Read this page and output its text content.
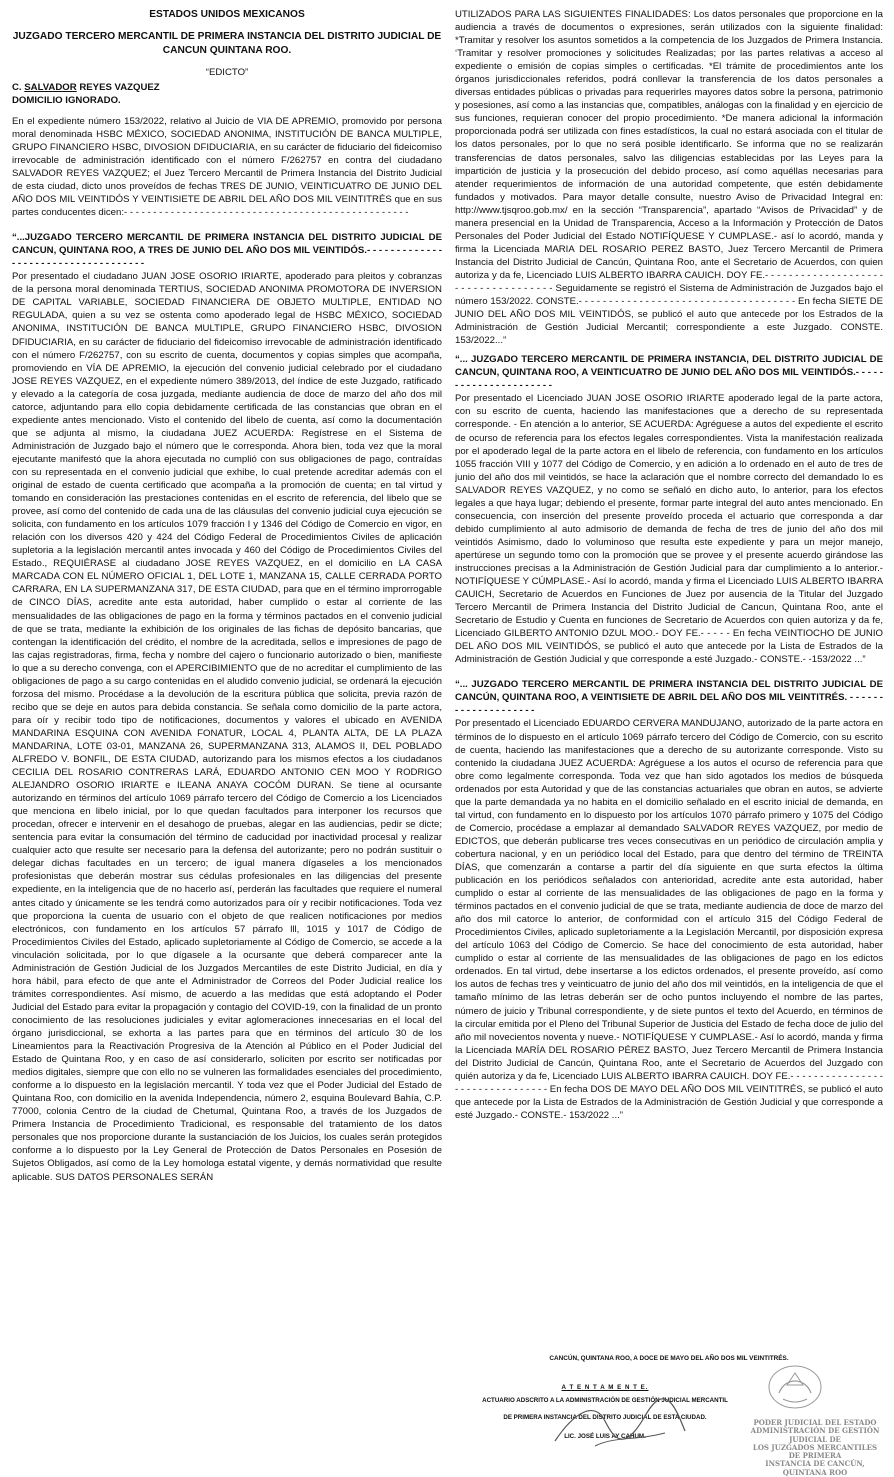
ESTADOS UNIDOS MEXICANOS
JUZGADO TERCERO MERCANTIL DE PRIMERA INSTANCIA DEL DISTRITO JUDICIAL DE CANCUN QUINTANA ROO.
“EDICTO”
C. SALVADOR REYES VAZQUEZ
DOMICILIO IGNORADO.

En el expediente número 153/2022, relativo al Juicio de VIA DE APREMIO, promovido por persona moral denominada HSBC MÉXICO, SOCIEDAD ANONIMA, INSTITUCIÓN DE BANCA MULTIPLE, GRUPO FINANCIERO HSBC, DIVOSION DFIDUCIARIA, en su carácter de fiduciario del fideicomiso irrevocable de administración identificado con el número F/262757 en contra del ciudadano SALVADOR REYES VAZQUEZ; el Juez Tercero Mercantil de Primera Instancia del Distrito Judicial de esta ciudad, dicto unos proveídos de fechas TRES DE JUNIO, VEINTICUATRO DE JUNIO DEL AÑO DOS MIL VEINTIDÓS Y VEINTISIETE DE ABRIL DEL AÑO DOS MIL VEINTITRÉS que en sus partes conducentes dicen:- - - - - - - - - - - - - - - - - - - - - - - - - - - - - - - - - - - - - - - - - - - - - - - - -

“...JUZGADO TERCERO MERCANTIL DE PRIMERA INSTANCIA DEL DISTRITO JUDICIAL DE CANCUN, QUINTANA ROO, A TRES DE JUNIO DEL AÑO DOS MIL VEINTIDÓS.- - - - - - - - - - - - - - - - - - - - - - - - - - - - - - - - - - - -

Por presentado el ciudadano JUAN JOSE OSORIO IRIARTE, apoderado para pleitos y cobranzas de la persona moral denominada TERTIUS, SOCIEDAD ANONIMA PROMOTORA DE INVERSION DE CAPITAL VARIABLE, SOCIEDAD FINANCIERA DE OBJETO MULTIPLE, ENTIDAD NO REGULADA, quien a su vez se ostenta como apoderado legal de HSBC MÉXICO, SOCIEDAD ANONIMA, INSTITUCIÓN DE BANCA MULTIPLE, GRUPO FINANCIERO HSBC, DIVOSION DFIDUCIARIA, en su carácter de fiduciario del fideicomiso irrevocable de administración identificado con el número F/262757, con su escrito de cuenta, documentos y copias simples que acompaña, promoviendo en VÍA DE APREMIO, la ejecución del convenio judicial celebrado por el ciudadano JOSE REYES VAZQUEZ, en el expediente número 389/2013, del índice de este Juzgado, ratificado y elevado a la categoría de cosa juzgada, mediante audiencia de doce de marzo del año dos mil catorce, adjuntando para ello copia debidamente certificada de las constancias que obran en el expediente antes mencionado. Visto el contenido del libelo de cuenta, así como la documentación que se adjunta al mismo, la ciudadana JUEZ ACUERDA: Regístrese en el Sistema de Administración de Juzgado bajo el número que le corresponda. Ahora bien, toda vez que la moral ejecutante manifestó que la ahora ejecutada no cumplió con sus obligaciones de pago, contraídas con su representada en el convenio judicial que exhibe, lo cual pretende acreditar además con el original de estado de cuenta certificado que acompaña a la promoción de cuenta; en tal virtud y tomando en consideración las prestaciones contenidas en el escrito de referencia, del libelo que se provee, así como del contenido de cada una de las cláusulas del convenio judicial cuya ejecución se solicita, con fundamento en los artículos 1079 fracción I y 1346 del Código de Comercio en vigor, en relación con los diversos 420 y 424 del Código Federal de Procedimientos Civiles de aplicación supletoria a la legislación mercantil antes invocada y 460 del Código de Procedimientos Civiles del Estado., REQUIÉRASE al ciudadano JOSE REYES VAZQUEZ, en el domicilio en LA CASA MARCADA CON EL NÚMERO OFICIAL 1, DEL LOTE 1, MANZANA 15, CALLE CERRADA PORTO CARRARA, EN LA SUPERMANZANA 317, DE ESTA CIUDAD, para que en el término improrrogable de CINCO DÍAS, acredite ante esta autoridad, haber cumplido o estar al corriente de las mensualidades de las obligaciones de pago en la forma y términos pactados en el convenio judicial de que se trata, mediante la exhibición de los originales de las fichas de depósito bancarias, que contengan la identificación del crédito, el nombre de la acreditada, sellos e impresiones de pago de las cajas registradoras, firma, fecha y nombre del cajero o funcionario autorizado o bien, manifieste lo que a su derecho convenga, con el APERCIBIMIENTO que de no acreditar el cumplimiento de las obligaciones de pago a su cargo contenidas en el aludido convenio judicial, se ordenará la ejecución forzosa del mismo. Procédase a la devolución de la escritura pública que solicita, previa razón de recibo que se deje en autos para debida constancia. Se señala como domicilio de la parte actora, para oír y recibir todo tipo de notificaciones, documentos y valores el ubicado en AVENIDA MANDARINA ESQUINA CON AVENIDA FONATUR, LOCAL 4, PLANTA ALTA, DE LA PLAZA MANDARINA, LOTE 03-01, MANZANA 26, SUPERMANZANA 313, ALAMOS II, DEL POBLADO ALFREDO V. BONFIL, DE ESTA CIUDAD, autorizando para los mismos efectos a los ciudadanos CECILIA DEL ROSARIO CONTRERAS LARÁ, EDUARDO ANTONIO CEN MOO Y RODRIGO ALEJANDRO OSORIO IRIARTE e ILEANA ANAYA COCÓM DURAN. Se tiene al ocursante autorizando en términos del artículo 1069 párrafo tercero del Código de Comercio a los Licenciados que menciona en libelo inicial, por lo que quedan facultados para interponer los recursos que procedan, ofrecer e intervenir en el desahogo de pruebas, alegar en las audiencias, pedir se dicte; sentencia para evitar la consumación del término de caducidad por inactividad procesal y realizar cualquier acto que resulte ser necesario para la defensa del autorizante; pero no podrán sustituir o delegar dichas facultades en un tercero; de igual manera dígaseles a los mencionados profesionistas que deberán mostrar sus cédulas profesionales en las diligencias del presente expediente, en la inteligencia que de no hacerlo así, perderán las facultades que requiere el numeral antes citado y únicamente se les tendrá como autorizados para oír y recibir notificaciones. Toda vez que proporciona la cuenta de usuario con el objeto de que realicen notificaciones por medios electrónicos, con fundamento en los artículos 57 párrafo lll, 1015 y 1017 de Código de Procedimientos Civiles del Estado, aplicado supletoriamente al Código de Comercio, se accede a la vinculación solicitada, por lo que dígasele a la ocursante que deberá comparecer ante la Administración de Gestión Judicial de los Juzgados Mercantiles de este Distrito Judicial, en día y hora hábil, para efecto de que ante el Administrador de Correos del Poder Judicial realice los trámites correspondientes. Así mismo, de acuerdo a las medidas que está adoptando el Poder Judicial del Estado para evitar la propagación y contagio del COVID-19, con la finalidad de un pronto conocimiento de las resoluciones judiciales y evitar aglomeraciones innecesarias en el local del órgano jurisdiccional, se exhorta a las partes para que en términos del artículo 30 de los Lineamientos para la Reactivación Progresiva de la Atención al Público en el Poder Judicial del Estado de Quintana Roo, y en caso de así considerarlo, soliciten por escrito ser notificadas por medios digitales, siempre que con ello no se vulneren las formalidades esenciales del procedimiento, conforme a lo dispuesto en la legislación mercantil. Y toda vez que el Poder Judicial del Estado de Quintana Roo, con domicilio en la avenida Independencia, número 2, esquina Boulevard Bahía, C.P. 77000, colonia Centro de la ciudad de Chetumal, Quintana Roo, a través de los Juzgados de Primera Instancia de Procedimiento Tradicional, es responsable del tratamiento de los datos personales que nos proporcione durante la sustanciación de los Juicios, los cuales serán protegidos conforme a lo dispuesto por la Ley General de Protección de Datos Personales en Posesión de Sujetos Obligados, así como de la Ley homologa estatal vigente, y demás normatividad que resulte aplicable. SUS DATOS PERSONALES SERÁN

UTILIZADOS PARA LAS SIGUIENTES FINALIDADES: Los datos personales que proporcione en la audiencia a través de documentos o expresiones, serán utilizados con la siguiente finalidad: *Tramitar y resolver los asuntos sometidos a la competencia de los Juzgados de Primera Instancia. ‘Tramitar y resolver promociones y solicitudes Realizadas; por las partes relativas a acceso al expediente o emisión de copias simples o certificadas. *El trámite de procedimientos ante los órganos jurisdiccionales referidos, podrá conllevar la transferencia de los datos personales a diversas entidades públicas o privadas para requerirles mayores datos sobre la persona, patrimonio y posesiones, así como a las instancias que, compatibles, análogas con la finalidad y en ejercicio de sus funciones, requieran conocer del propio procedimiento. *De manera adicional la información proporcionada podrá ser utilizada con fines estadísticos, la cual no estará asociada con el titular de los datos personales, por lo que no será posible identificarlo. Se informa que no se realizarán transferencias de datos personales, salvo las diligencias establecidas por las Leyes para la impartición de justicia y la prosecución del debido proceso, así como aquéllas necesarias para atender requerimientos de información de una autoridad competente, que estén debidamente fundados y motivados. Para mayor detalle consulte, nuestro Aviso de Privacidad Integral en: http://www.tjsqroo.gob.mx/ en la sección “Transparencia”, apartado “Avisos de Privacidad” y de manera presencial en la Unidad de Transparencia, Acceso a la Información y Protección de Datos Personales del Poder Judicial del Estado NOTIFÍQUESE Y CUMPLASE.- así lo acordó, manda y firma la Licenciada MARIA DEL ROSARIO PEREZ BASTO, Juez Tercero Mercantil de Primera Instancia del Distrito Judicial de Cancún, Quintana Roo, ante el Secretario de Acuerdos, con quien autoriza y da fe, Licenciado LUIS ALBERTO IBARRA CAUICH. DOY FE.- - - - - - - - - - - - - - - - - - - - - - - - - - - - - - - - - - - - Seguidamente se registró el Sistema de Administración de Juzgados bajo el número 153/2022. CONSTE.- - - - - - - - - - - - - - - - - - - - - - - - - - - - - - - - - - - - En fecha SIETE DE JUNIO DEL AÑO DOS MIL VEINTIDÓS, se publicó el auto que antecede por los Estrados de la Administración de Gestión Judicial Mercantil; correspondiente a este Juzgado. CONSTE. 153/2022...”

“... JUZGADO TERCERO MERCANTIL DE PRIMERA INSTANCIA, DEL DISTRITO JUDICIAL DE CANCUN, QUINTANA ROO, A VEINTICUATRO DE JUNIO DEL AÑO DOS MIL VEINTIDÓS.- - - - - - - - - - - - - - - - - - - - - -

Por presentado el Licenciado JUAN JOSE OSORIO IRIARTE apoderado legal de la parte actora, con su escrito de cuenta, haciendo las manifestaciones que a derecho de su representada corresponde. - En atención a lo anterior, SE ACUERDA: Agréguese a autos del expediente el escrito de ocurso de referencia para los efectos legales correspondientes. Vista la manifestación realizada por el apoderado legal de la parte actora en el libelo de referencia, con fundamento en los artículos 1055 fracción VIII y 1077 del Código de Comercio, y en adición a lo ordenado en el auto de tres de junio del año dos mil veintidós, se hace la aclaración que el nombre correcto del demandado lo es SALVADOR REYES VAZQUEZ, y no como se señaló en dicho auto, lo anterior, para los efectos legales a que haya lugar; debiendo el presente, formar parte integral del auto antes mencionado. En consecuencia, con inserción del presente proveído proceda el actuario que corresponda a dar debido cumplimiento al auto admisorio de demanda de fecha de tres de junio del año dos mil veintidós Asimismo, dado lo voluminoso que resulta este expediente y para un mejor manejo, apertúrese un segundo tomo con la promoción que se provee y el presente acuerdo girándose las instrucciones precisas a la Administración de Gestión Judicial para dar cumplimiento a lo anterior.-NOTIFÍQUESE Y CÚMPLASE.- Así lo acordó, manda y firma el Licenciado LUIS ALBERTO IBARRA CAUICH, Secretario de Acuerdos en Funciones de Juez por ausencia de la Titular del Juzgado Tercero Mercantil de Primera Instancia del Distrito Judicial de Cancun, Quintana Roo, ante el Secretario de Estudio y Cuenta en funciones de Secretario de Acuerdos con quien autoriza y da fe, Licenciado GILBERTO ANTONIO DZUL MOO.- DOY FE.- - - - - En fecha VEINTIOCHO DE JUNIO DEL AÑO DOS MIL VEINTIDÓS, se publicó el auto que antecede por la Lista de Estrados de la Administración de Gestión Judicial y que corresponde a esté Juzgado.- CONSTE.- -153/2022 ...”

“... JUZGADO TERCERO MERCANTIL DE PRIMERA INSTANCIA DEL DISTRITO JUDICIAL DE CANCÚN, QUINTANA ROO, A VEINTISIETE DE ABRIL DEL AÑO DOS MIL VEINTITRÉS. - - - - - - - - - - - - - - - - - - - -

Por presentado el Licenciado EDUARDO CERVERA MANDUJANO, autorizado de la parte actora en términos de lo dispuesto en el artículo 1069 párrafo tercero del Código de Comercio, con su escrito de cuenta, haciendo las manifestaciones que a derecho de su autorizante corresponde. Visto su contenido la ciudadana JUEZ ACUERDA: Agréguese a los autos el ocurso de referencia para que obre como legalmente corresponda. Toda vez que han sido agotados los medios de búsqueda ordenados por esta Autoridad y que de las constancias actuariales que obran en autos, se advierte que la parte demandada ya no habita en el domicilio señalado en el escrito inicial de demanda, en tal virtud, con fundamento en lo dispuesto por los artículos 1070 párrafo primero y 1075 del Código de Comercio, procédase a emplazar al demandado SALVADOR REYES VAZQUEZ, por medio de EDICTOS, que deberán publicarse tres veces consecutivas en un periódico de circulación amplia y cobertura nacional, y en un periódico local del Estado, para que dentro del término de TREINTA DÍAS, que comenzarán a contarse a partir del día siguiente en que surta efectos la última publicación en los periódicos señalados con anterioridad, acredite ante esta autoridad, haber cumplido o estar al corriente de las mensualidades de las obligaciones de pago en la forma y términos pactados en el convenio judicial de que se trata, mediante audiencia de doce de marzo del año dos mil catorce lo anterior, de conformidad con el artículo 315 del Código Federal de Procedimientos Civiles, aplicado supletoriamente a la Legislación Mercantil, por disposición expresa del artículo 1063 del Código de Comercio. Se hace del conocimiento de esta autoridad, haber cumplido o estar al corriente de las mensualidades de las obligaciones de pago en los edictos ordenados. En tal virtud, debe insertarse a los edictos ordenados, el presente proveído, así como los autos de fechas tres y veinticuatro de junio del año dos mil veintidós, en la inteligencia de que el tamaño mínimo de las letras deberán ser de ocho puntos incluyendo el nombre de las partes, número de juicio y Tribunal correspondiente, y de siete puntos el texto del Acuerdo, en términos de la circular emitida por el Pleno del Tribunal Superior de Justicia del Estado de fecha doce de julio del año mil novecientos noventa y nueve.- NOTIFÍQUESE Y CUMPLASE.- Así lo acordó, manda y firma la Licenciada MARÍA DEL ROSARIO PÉREZ BASTO, Juez Tercero Mercantil de Primera Instancia del Distrito Judicial de Cancún, Quintana Roo, ante el Secretario de Acuerdos del Juzgado con quién autoriza y da fe, Licenciado LUIS ALBERTO IBARRA CAUICH. DOY FE.- - - - - - - - - - - - - - - - - - - - - - - - - - - - - - - - En fecha DOS DE MAYO DEL AÑO DOS MIL VEINTITRÉS, se publicó el auto que antecede por la Lista de Estrados de la Administración de Gestión Judicial y que corresponde a esté Juzgado.- CONSTE.- 153/2022 ...”

CANCÚN, QUINTANA ROO, A DOCE DE MAYO DEL AÑO DOS MIL VEINTITRÉS.
A T E N T A M E N T E.
ACTUARIO ADSCRITO A LA ADMINISTRACIÓN DE GESTIÓN JUDICIAL MERCANTIL
DE PRIMERA INSTANCIA DEL DISTRITO JUDICIAL DE ESTA CIUDAD.
LIC. JOSÉ LUIS AY CAHUM.
PODER JUDICIAL DEL ESTADO
ADMINISTRACIÓN DE GESTIÓN JUDICIAL DE
LOS JUZGADOS MERCANTILES DE PRIMERA
INSTANCIA DE CANCÚN, QUINTANA ROO
